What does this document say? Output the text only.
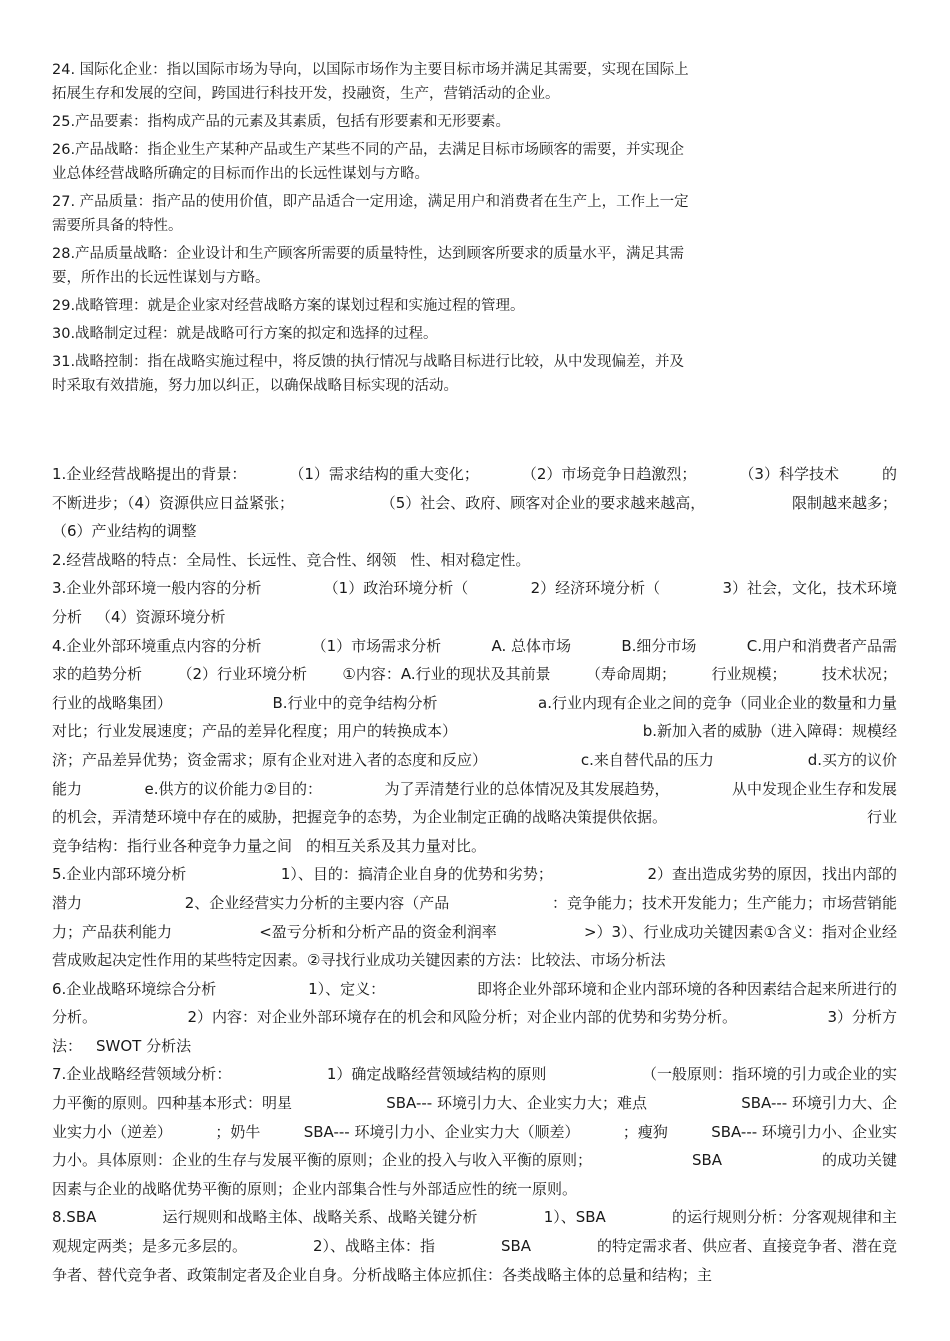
24. 国际化企业：指以国际市场为导向，以国际市场作为主要目标市场并满足其需要，实现在国际上
拓展生存和发展的空间，跨国进行科技开发，投融资，生产，营销活动的企业。
25.产品要素：指构成产品的元素及其素质，包括有形要素和无形要素。
26.产品战略：指企业生产某种产品或生产某些不同的产品，去满足目标市场顾客的需要，并实现企
业总体经营战略所确定的目标而作出的长远性谋划与方略。
27. 产品质量：指产品的使用价值，即产品适合一定用途，满足用户和消费者在生产上，工作上一定
需要所具备的特性。
28.产品质量战略：企业设计和生产顾客所需要的质量特性，达到顾客所要求的质量水平，满足其需
要，所作出的长远性谋划与方略。
29.战略管理：就是企业家对经营战略方案的谋划过程和实施过程的管理。
30.战略制定过程：就是战略可行方案的拟定和选择的过程。
31.战略控制：指在战略实施过程中，将反馈的执行情况与战略目标进行比较，从中发现偏差，并及
时采取有效措施，努力加以纠正，以确保战略目标实现的活动。
1.企业经营战略提出的背景：	（1）需求结构的重大变化；	（2）市场竞争日趋激烈；	（3）科学技术	的
不断进步；（4）资源供应日益紧张；	（5）社会、政府、顾客对企业的要求越来越高，	限制越来越多；
（6）产业结构的调整
2.经营战略的特点：全局性、长远性、竞合性、纲领 性、相对稳定性。
3.企业外部环境一般内容的分析	（1）政治环境分析（	2）经济环境分析（	3）社会，文化，技术环境
分析 （4）资源环境分析
4.企业外部环境重点内容的分析	（1）市场需求分析	A. 总体市场	B.细分市场	C.用户和消费者产品需
求的趋势分析 （2）行业环境分析 ①内容：A.行业的现状及其前景 （寿命周期； 行业规模； 技术状况；
行业的战略集团）	B.行业中的竞争结构分析	a.行业内现有企业之间的竞争（同业企业的数量和力量
对比；行业发展速度；产品的差异化程度；用户的转换成本）	b.新加入者的威胁（进入障碍：规模经
济；产品差异优势；资金需求；原有企业对进入者的态度和反应）	c.来自替代品的压力	d.买方的议价
能力	e.供方的议价能力②目的：	为了弄清楚行业的总体情况及其发展趋势，	从中发现企业生存和发展
的机会，弄清楚环境中存在的威胁，把握竞争的态势，为企业制定正确的战略决策提供依据。	行业
竞争结构：指行业各种竞争力量之间 的相互关系及其力量对比。
5.企业内部环境分析	1）、目的：搞清企业自身的优势和劣势；	2）查出造成劣势的原因，找出内部的
潜力	2、企业经营实力分析的主要内容（产品	：竞争能力；技术开发能力；生产能力；市场营销能
力；产品获利能力	<盈亏分析和分析产品的资金利润率	>）3）、行业成功关键因素①含义：指对企业经
营成败起决定性作用的某些特定因素。②寻找行业成功关键因素的方法：比较法、市场分析法
6.企业战略环境综合分析	1）、定义：	即将企业外部环境和企业内部环境的各种因素结合起来所进行的
分析。	2）内容：对企业外部环境存在的机会和风险分析；对企业内部的优势和劣势分析。	3）分析方
法： SWOT 分析法
7.企业战略经营领域分析：	1）确定战略经营领域结构的原则	（一般原则：指环境的引力或企业的实
力平衡的原则。四种基本形式：明星	SBA--- 环境引力大、企业实力大；难点	SBA--- 环境引力大、企
业实力小（逆差）	；奶牛	SBA--- 环境引力小、企业实力大（顺差）	；瘦狗	SBA--- 环境引力小、企业实
力小。具体原则：企业的生存与发展平衡的原则；企业的投入与收入平衡的原则；	SBA	的成功关键
因素与企业的战略优势平衡的原则；企业内部集合性与外部适应性的统一原则。
8.SBA	运行规则和战略主体、战略关系、战略关键分析	1）、SBA	的运行规则分析：分客观规律和主
观规定两类；是多元多层的。	2）、战略主体：指	SBA	的特定需求者、供应者、直接竞争者、潜在竞
争者、替代竞争者、政策制定者及企业自身。分析战略主体应抓住：各类战略主体的总量和结构；主
